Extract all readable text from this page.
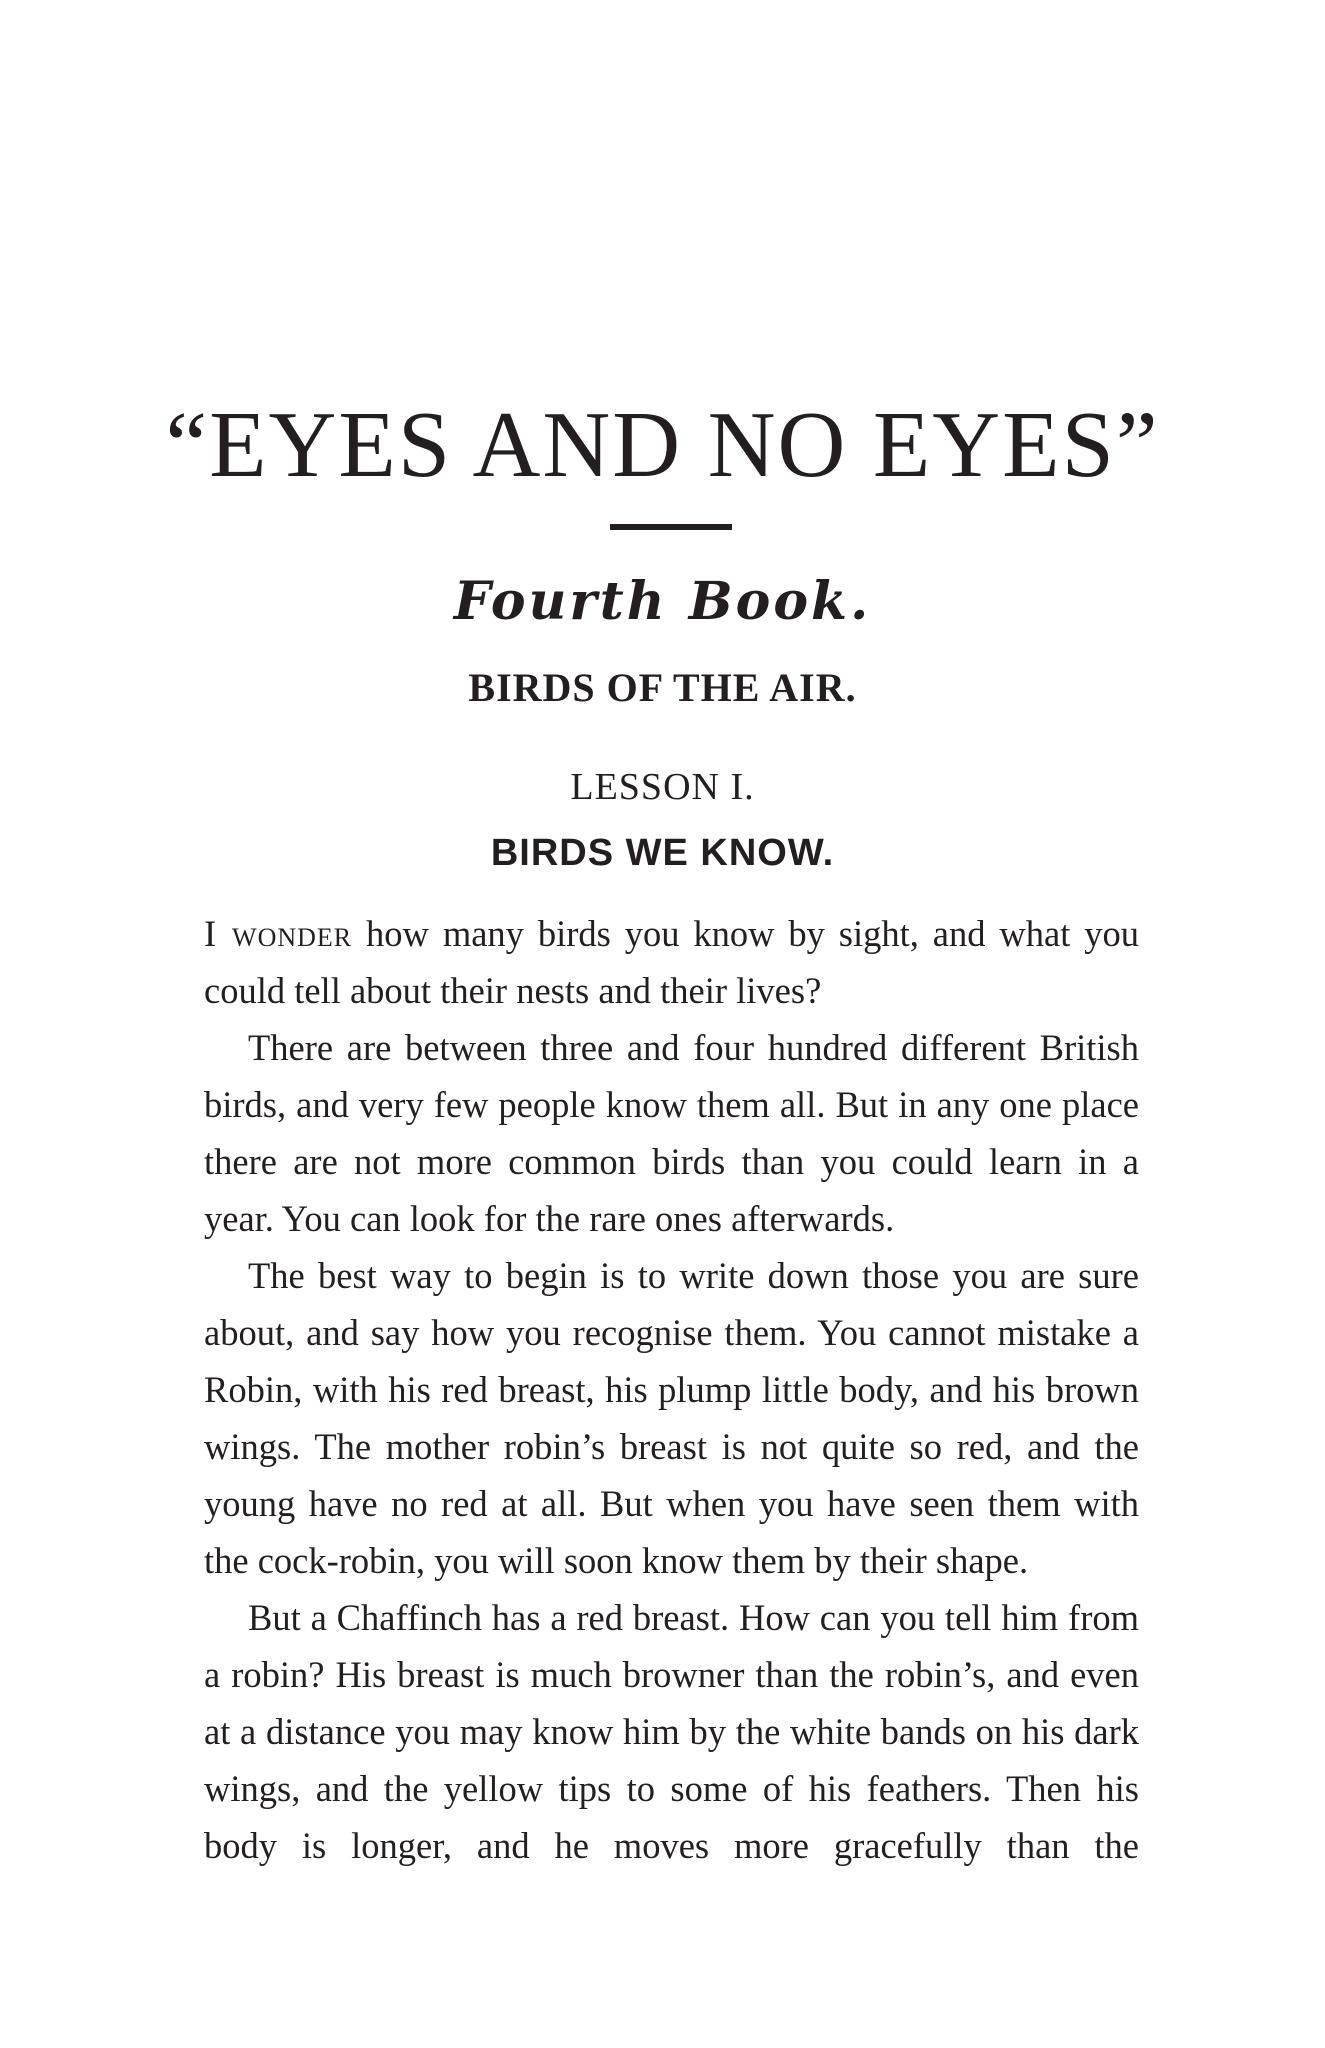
“EYES AND NO EYES”
Fourth Book.
BIRDS OF THE AIR.
LESSON I.
BIRDS WE KNOW.

I wonder how many birds you know by sight, and what you could tell about their nests and their lives?

There are between three and four hundred different British birds, and very few people know them all. But in any one place there are not more common birds than you could learn in a year. You can look for the rare ones afterwards.

The best way to begin is to write down those you are sure about, and say how you recognise them. You cannot mistake a Robin, with his red breast, his plump little body, and his brown wings. The mother robin’s breast is not quite so red, and the young have no red at all. But when you have seen them with the cock-robin, you will soon know them by their shape.

But a Chaffinch has a red breast. How can you tell him from a robin? His breast is much browner than the robin’s, and even at a distance you may know him by the white bands on his dark wings, and the yellow tips to some of his feathers. Then his body is longer, and he moves more gracefully than the
